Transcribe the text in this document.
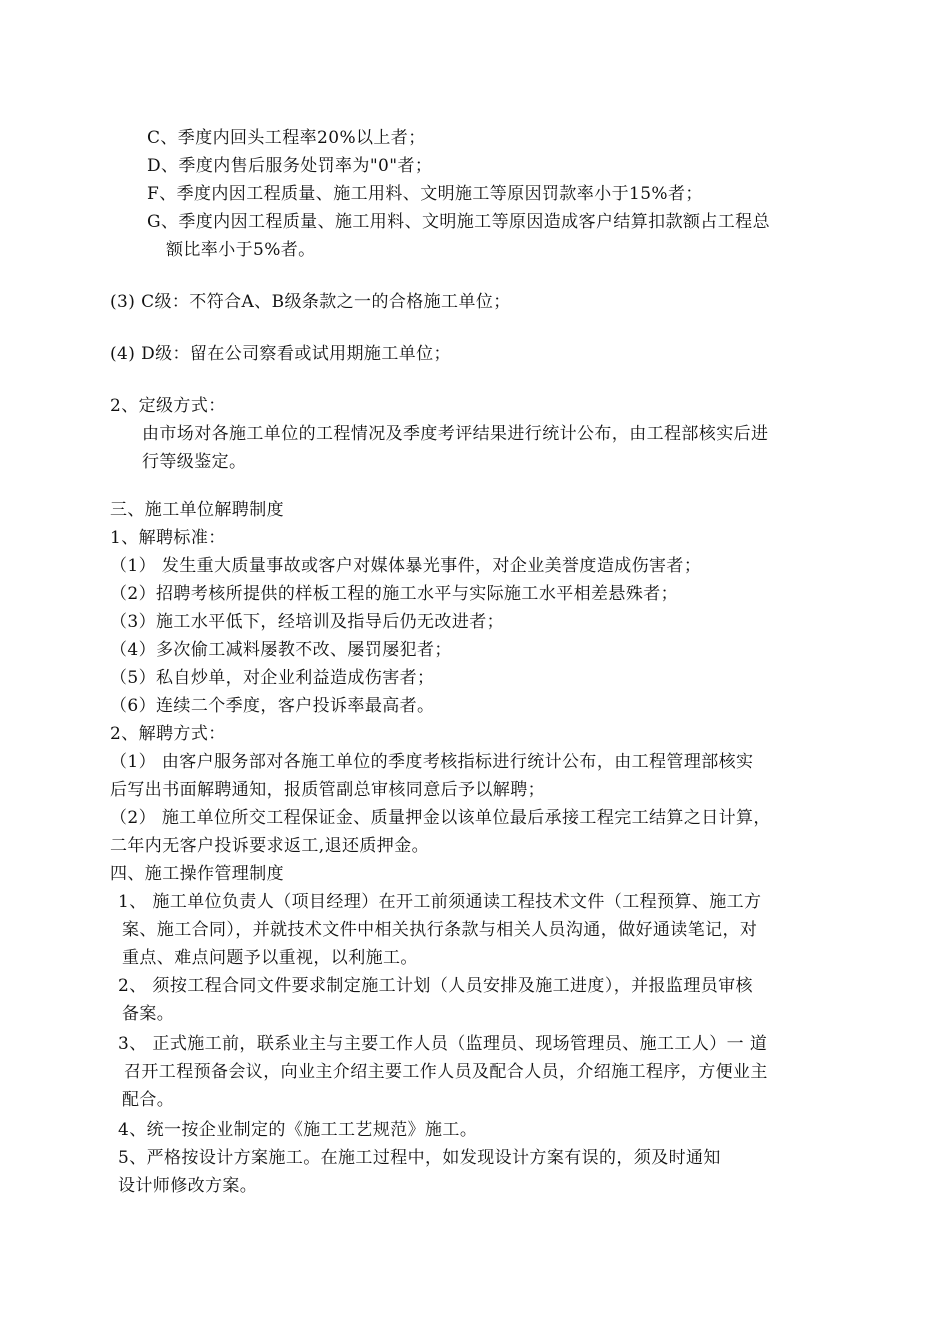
C、季度内回头工程率20%以上者；
D、季度内售后服务处罚率为"0"者；
F、季度内因工程质量、施工用料、文明施工等原因罚款率小于15%者；
G、季度内因工程质量、施工用料、文明施工等原因造成客户结算扣款额占工程总
额比率小于5%者。
(3) C级：不符合A、B级条款之一的合格施工单位；
(4) D级：留在公司察看或试用期施工单位；
2、定级方式：
由市场对各施工单位的工程情况及季度考评结果进行统计公布，由工程部核实后进
行等级鉴定。
三、施工单位解聘制度
1、解聘标准：
（1） 发生重大质量事故或客户对媒体暴光事件，对企业美誉度造成伤害者；
（2）招聘考核所提供的样板工程的施工水平与实际施工水平相差悬殊者；
（3）施工水平低下，经培训及指导后仍无改进者；
（4）多次偷工减料屡教不改、屡罚屡犯者；
（5）私自炒单，对企业利益造成伤害者；
（6）连续二个季度，客户投诉率最高者。
2、解聘方式：
（1） 由客户服务部对各施工单位的季度考核指标进行统计公布，由工程管理部核实
后写出书面解聘通知，报质管副总审核同意后予以解聘；
（2） 施工单位所交工程保证金、质量押金以该单位最后承接工程完工结算之日计算，
二年内无客户投诉要求返工,退还质押金。
四、施工操作管理制度
1、 施工单位负责人（项目经理）在开工前须通读工程技术文件（工程预算、施工方
案、施工合同），并就技术文件中相关执行条款与相关人员沟通，做好通读笔记，对
重点、难点问题予以重视，以利施工。
2、 须按工程合同文件要求制定施工计划（人员安排及施工进度），并报监理员审核
备案。
3、 正式施工前，联系业主与主要工作人员（监理员、现场管理员、施工工人）一 道
召开工程预备会议，向业主介绍主要工作人员及配合人员，介绍施工程序，方便业主
配合。
4、统一按企业制定的《施工工艺规范》施工。
5、严格按设计方案施工。在施工过程中，如发现设计方案有误的，须及时通知
设计师修改方案。
